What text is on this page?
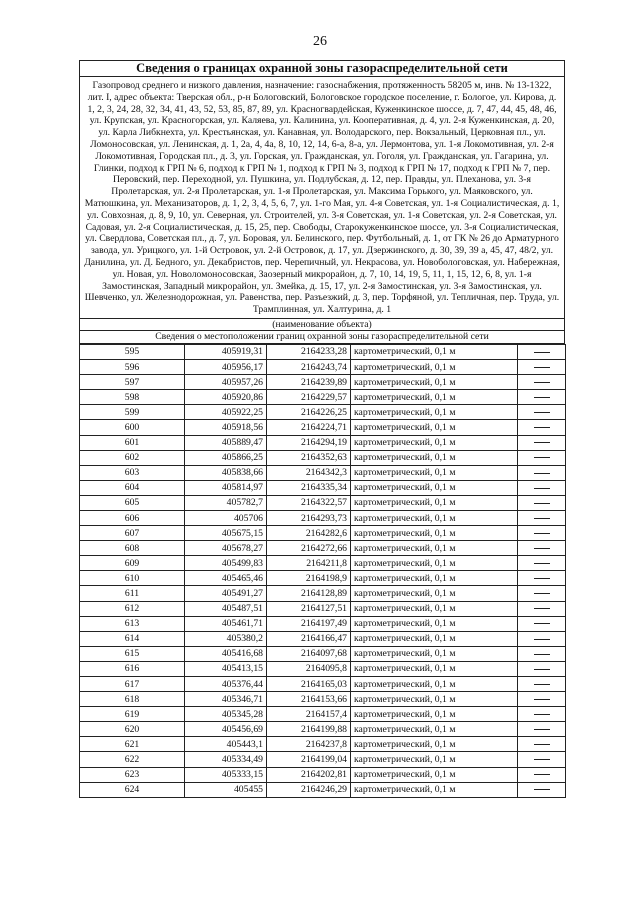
26
Сведения о границах охранной зоны газораспределительной сети
Газопровод среднего и низкого давления, назначение: газоснабжения, протяженность 58205 м, инв. № 13-1322, лит. I, адрес объекта: Тверская обл., р-н Бологовский, Бологовское городское поселение, г. Бологое, ул. Кирова, д. 1, 2, 3, 24, 28, 32, 34, 41, 43, 52, 53, 85, 87, 89, ул. Красногвардейская, Куженкинское шоссе, д. 7, 47, 44, 45, 48, 46, ул. Крупская, ул. Красногорская, ул. Каляева, ул. Калинина, ул. Кооперативная, д. 4, ул. 2-я Куженкинская, д. 20, ул. Карла Либкнехта, ул. Крестьянская, ул. Канавная, ул. Володарского, пер. Вокзальный, Церковная пл., ул. Ломоносовская, ул. Ленинская, д. 1, 2а, 4, 4а, 8, 10, 12, 14, 6-а, 8-а, ул. Лермонтова, ул. 1-я Локомотивная, ул. 2-я Локомотивная, Городская пл., д. 3, ул. Горская, ул. Гражданская, ул. Гоголя, ул. Гражданская, ул. Гагарина, ул. Глинки, подход к ГРП № 6, подход к ГРП № 1, подход к ГРП № 3, подход к ГРП № 17, подход к ГРП № 7, пер. Перовский, пер. Переходной, ул. Пушкина, ул. Подлубская, д. 12, пер. Правды, ул. Плеханова, ул. 3-я Пролетарская, ул. 2-я Пролетарская, ул. 1-я Пролетарская, ул. Максима Горького, ул. Маяковского, ул. Матюшкина, ул. Механизаторов, д. 1, 2, 3, 4, 5, 6, 7, ул. 1-го Мая, ул. 4-я Советская, ул. 1-я Социалистическая, д. 1, ул. Совхозная, д. 8, 9, 10, ул. Северная, ул. Строителей, ул. 3-я Советская, ул. 1-я Советская, ул. 2-я Советская, ул. Садовая, ул. 2-я Социалистическая, д. 15, 25, пер. Свободы, Старокуженкинское шоссе, ул. 3-я Социалистическая, ул. Свердлова, Советская пл., д. 7, ул. Боровая, ул. Белинского, пер. Футбольный, д. 1, от ГК № 26 до Арматурного завода, ул. Урицкого, ул. 1-й Островок, ул. 2-й Островок, д. 17, ул. Дзержинского, д. 30, 39, 39 а, 45, 47, 48/2, ул. Данилина, ул. Д. Бедного, ул. Декабристов, пер. Черепичный, ул. Некрасова, ул. Новобологовская, ул. Набережная, ул. Новая, ул. Новоломоносовская, Заозерный микрорайон, д. 7, 10, 14, 19, 5, 11, 1, 15, 12, 6, 8, ул. 1-я Замостинская, Западный микрорайон, ул. Змейка, д. 15, 17, ул. 2-я Замостинская, ул. 3-я Замостинская, ул. Шевченко, ул. Железнодорожная, ул. Равенства, пер. Разъезжий, д. 3, пер. Торфяной, ул. Тепличная, пер. Труда, ул. Трамплинная, ул. Халтурина, д. 1
(наименование объекта)
Сведения о местоположении границ охранной зоны газораспределительной сети
595	405919,31	2164233,28	картометрический, 0,1 м	
596	405956,17	2164243,74	картометрический, 0,1 м	
597	405957,26	2164239,89	картометрический, 0,1 м	
598	405920,86	2164229,57	картометрический, 0,1 м	
599	405922,25	2164226,25	картометрический, 0,1 м	
600	405918,56	2164224,71	картометрический, 0,1 м	
601	405889,47	2164294,19	картометрический, 0,1 м	
602	405866,25	2164352,63	картометрический, 0,1 м	
603	405838,66	2164342,3	картометрический, 0,1 м	
604	405814,97	2164335,34	картометрический, 0,1 м	
605	405782,7	2164322,57	картометрический, 0,1 м	
606	405706	2164293,73	картометрический, 0,1 м	
607	405675,15	2164282,6	картометрический, 0,1 м	
608	405678,27	2164272,66	картометрический, 0,1 м	
609	405499,83	2164211,8	картометрический, 0,1 м	
610	405465,46	2164198,9	картометрический, 0,1 м	
611	405491,27	2164128,89	картометрический, 0,1 м	
612	405487,51	2164127,51	картометрический, 0,1 м	
613	405461,71	2164197,49	картометрический, 0,1 м	
614	405380,2	2164166,47	картометрический, 0,1 м	
615	405416,68	2164097,68	картометрический, 0,1 м	
616	405413,15	2164095,8	картометрический, 0,1 м	
617	405376,44	2164165,03	картометрический, 0,1 м	
618	405346,71	2164153,66	картометрический, 0,1 м	
619	405345,28	2164157,4	картометрический, 0,1 м	
620	405456,69	2164199,88	картометрический, 0,1 м	
621	405443,1	2164237,8	картометрический, 0,1 м	
622	405334,49	2164199,04	картометрический, 0,1 м	
623	405333,15	2164202,81	картометрический, 0,1 м	
624	405455	2164246,29	картометрический, 0,1 м	
